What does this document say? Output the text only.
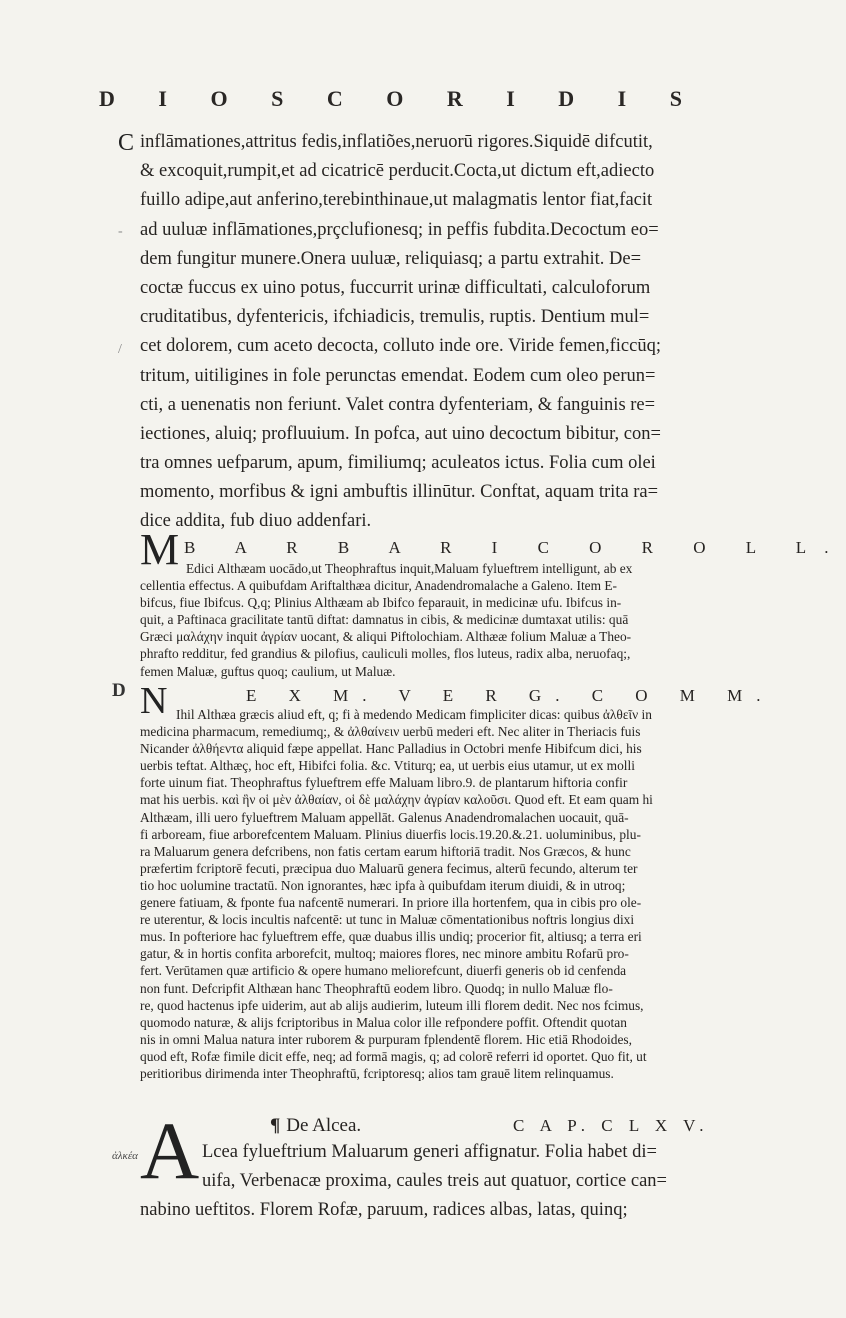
D I O S C O R I D I S
C inflāmationes,attritus fedis,inflatiões,neruorū rigores.Siquidē difcutit,
& excoquit,rumpit,et ad cicatricē perducit.Cocta,ut dictum eft,adiecto
fuillo adipe,aut anferino,terebinthinaue,ut malagmatis lentor fiat,facit
ad uuluæ inflāmationes,prçclufionesq; in peffis fubdita.Decoctum eo=
dem fungitur munere.Onera uuluæ, reliquiasq; a partu extrahit. De=
coctæ fuccus ex uino potus, fuccurrit urinæ difficultati, calculoforum
cruditatibus, dyfentericis, ifchiadicis, tremulis, ruptis. Dentium mul=
cet dolorem, cum aceto decocta, colluto inde ore. Viride femen,ficcūq;
tritum, uitiligines in fole perunctas emendat. Eodem cum oleo perun=
cti, a uenenatis non feriunt. Valet contra dyfenteriam, & fanguinis re=
iectiones, aluiq; profluuium. In pofca, aut uino decoctum bibitur, con=
tra omnes uefparum, apum, fimiliumq; aculeatos ictus. Folia cum olei
momento, morfibus & igni ambuftis illinūtur. Conftat, aquam trita ra=
dice addita, fub diuo addenfari.
-
/
M B A R B A R I C O R O L L.
Edici Althæam uocādo,ut Theophraftus inquit,Maluam fylueftrem intelligunt, ab ex
cellentia effectus. A quibufdam Ariftalthæa dicitur, Anadendromalache a Galeno. Item E-
bifcus, fiue Ibifcus. Q,q; Plinius Althæam ab Ibifco feparauit, in medicinæ ufu. Ibifcus in-
quit, a Paftinaca gracilitate tantū diftat: damnatus in cibis, & medicinæ dumtaxat utilis: quā
Græci μαλάχην inquit ἀγρίαν uocant, & aliqui Piftolochiam. Althææ folium Maluæ a Theo-
phrafto redditur, fed grandius & pilofius, cauliculi molles, flos luteus, radix alba, neruofaq;,
femen Maluæ, guftus quoq; caulium, ut Maluæ.
D N	E X M. V E R G. C O M M.
Ihil Althæa græcis aliud eft, q; fi à medendo Medicam fimpliciter dicas: quibus ἀλθεῖν in
medicina pharmacum, remediumq;, & ἀλθαίνειν uerbū mederi eft. Nec aliter in Theriacis fuis
Nicander ἀλθήεντα aliquid fæpe appellat. Hanc Palladius in Octobri menfe Hibifcum dici, his
uerbis teftat. Althæç, hoc eft, Hibifci folia. &c. Vtiturq; ea, ut uerbis eius utamur, ut ex molli
forte uinum fiat. Theophraftus fylueftrem effe Maluam libro.9. de plantarum hiftoria confir
mat his uerbis. καὶ ἣν οἱ μὲν ἀλθαίαν, οἱ δὲ μαλάχην ἀγρίαν καλοῦσι. Quod eft. Et eam quam hi
Althæam, illi uero fylueftrem Maluam appellāt. Galenus Anadendromalachen uocauit, quā-
fi arboream, fiue arborefcentem Maluam. Plinius diuerfis locis.19.20.&.21. uoluminibus, plu-
ra Maluarum genera defcribens, non fatis certam earum hiftoriā tradit. Nos Græcos, & hunc
præfertim fcriptorē fecuti, præcipua duo Maluarū genera fecimus, alterū fecundo, alterum ter
tio hoc uolumine tractatū. Non ignorantes, hæc ipfa à quibufdam iterum diuidi, & in utroq;
genere fatiuam, & fponte fua nafcentē numerari. In priore illa hortenfem, qua in cibis pro ole-
re uterentur, & locis incultis nafcentē: ut tunc in Maluæ cōmentationibus noftris longius dixi
mus. In pofteriore hac fylueftrem effe, quæ duabus illis undiq; procerior fit, altiusq; a terra eri
gatur, & in hortis confita arborefcit, multoq; maiores flores, nec minore ambitu Rofarū pro-
fert. Verūtamen quæ artificio & opere humano meliorefcunt, diuerfi generis ob id cenfenda
non funt. Defcripfit Althæan hanc Theophraftū eodem libro. Quodq; in nullo Maluæ flo-
re, quod hactenus ipfe uiderim, aut ab alijs audierim, luteum illi florem dedit. Nec nos fcimus,
quomodo naturæ, & alijs fcriptoribus in Malua color ille refpondere poffit. Oftendit quotan
nis in omni Malua natura inter ruborem & purpuram fplendentē florem. Hic etiā Rhodoides,
quod eft, Rofæ fimile dicit effe, neq; ad formā magis, q; ad colorē referri id oportet. Quo fit, ut
peritioribus dirimenda inter Theophraftū, fcriptoresq; alios tam grauē litem relinquamus.
¶ De Alcea.	C A P. C L X V.
ἀλκέα A Lcea fylueftrium Maluarum generi affignatur. Folia habet di=
uifa, Verbenacæ proxima, caules treis aut quatuor, cortice can=
nabino ueftitos. Florem Rofæ, paruum, radices albas, latas, quinq;
